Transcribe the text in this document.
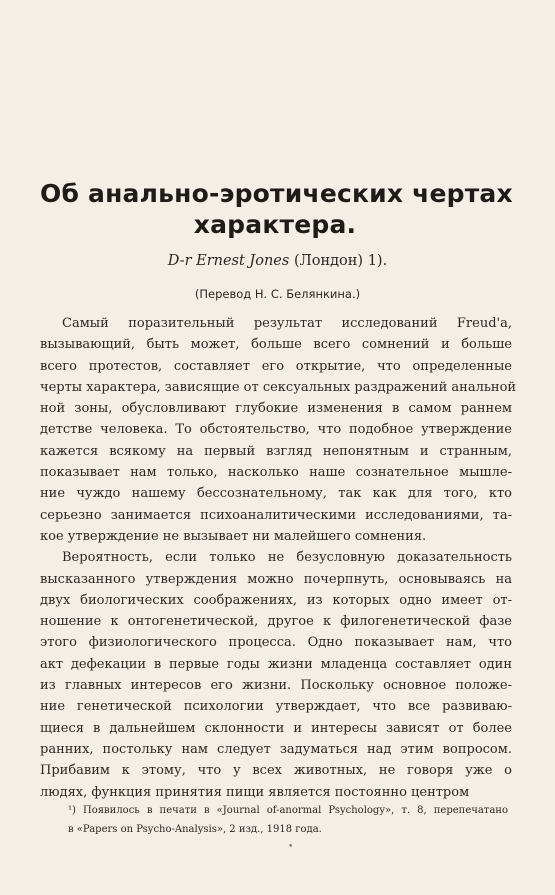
Об анально-эротических чертах
характера.
D-r Ernest Jones (Лондон) 1).
(Перевод Н. С. Белянкина.)
Самый поразительный результат исследований Freud'a,
вызывающий, быть может, больше всего сомнений и больше
всего протестов, составляет его открытие, что определенные
черты характера, зависящие от сексуальных раздражений анальной
ной зоны, обусловливают глубокие изменения в самом раннем
детстве человека. То обстоятельство, что подобное утверждение
кажется всякому на первый взгляд непонятным и странным,
показывает нам только, насколько наше сознательное мышле-
ние чуждо нашему бессознательному, так как для того, кто
серьезно занимается психоаналитическими исследованиями, та-
кое утверждение не вызывает ни малейшего сомнения.
Вероятность, если только не безусловную доказательность
высказанного утверждения можно почерпнуть, основываясь на
двух биологических соображениях, из которых одно имеет от-
ношение к онтогенетической, другое к филогенетической фазе
этого физиологического процесса. Одно показывает нам, что
акт дефекации в первые годы жизни младенца составляет один
из главных интересов его жизни. Поскольку основное положе-
ние генетической психологии утверждает, что все развиваю-
щиеся в дальнейшем склонности и интересы зависят от более
ранних, постольку нам следует задуматься над этим вопросом.
Прибавим к этому, что у всех животных, не говоря уже о
людях, функция принятия пищи является постоянно центром
¹) Появилось в печати в «Journal of-anormal Psychology», т. 8, перепечатано
в «Papers on Psycho-Analysis», 2 изд., 1918 года.
•
